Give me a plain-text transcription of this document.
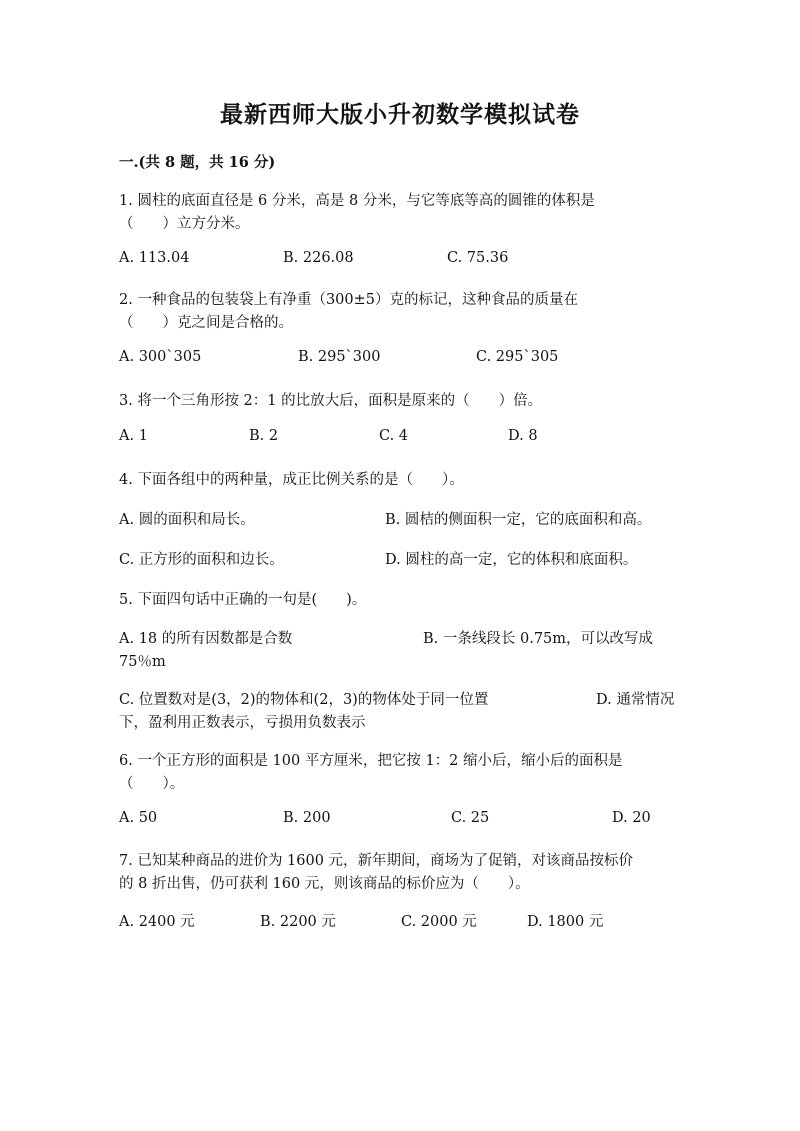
最新西师大版小升初数学模拟试卷
一.(共 8 题，共 16 分)
1. 圆柱的底面直径是 6 分米，高是 8 分米，与它等底等高的圆锥的体积是
（　　）立方分米。
A. 113.04	B. 226.08	C. 75.36
2. 一种食品的包装袋上有净重（300±5）克的标记，这种食品的质量在
（　　）克之间是合格的。
A. 300`305	B. 295`300	C. 295`305
3. 将一个三角形按 2：1 的比放大后，面积是原来的（　　）倍。
A. 1	B. 2	C. 4	D. 8
4. 下面各组中的两种量，成正比例关系的是（　　）。
A. 圆的面积和局长。	B. 圆桔的侧面积一定，它的底面积和高。
C. 正方形的面积和边长。	D. 圆柱的高一定，它的体积和底面积。
5. 下面四句话中正确的一句是(　　)。
A. 18 的所有因数都是合数	B. 一条线段长 0.75m，可以改写成
75％m
C. 位置数对是(3，2)的物体和(2，3)的物体处于同一位置	D. 通常情况
下，盈利用正数表示，亏损用负数表示
6. 一个正方形的面积是 100 平方厘米，把它按 1：2 缩小后，缩小后的面积是
（　　）。
A. 50	B. 200	C. 25	D. 20
7. 已知某种商品的进价为 1600 元，新年期间，商场为了促销，对该商品按标价
的 8 折出售，仍可获利 160 元，则该商品的标价应为（　　）。
A. 2400 元	B. 2200 元	C. 2000 元	D. 1800 元
